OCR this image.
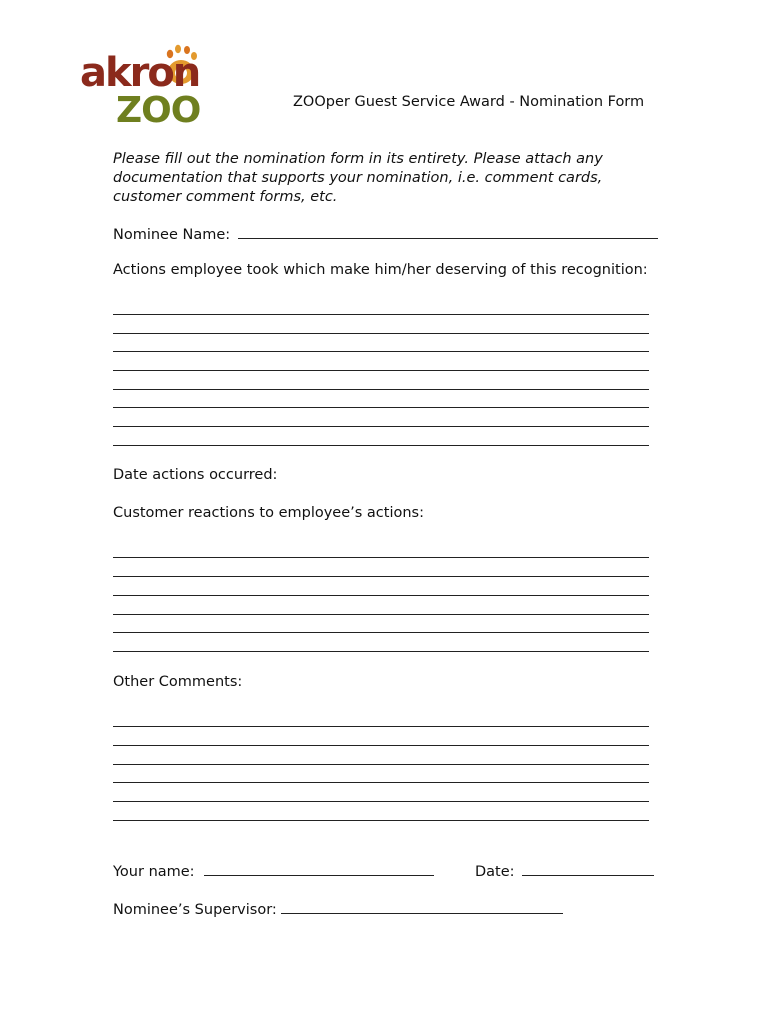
akron
ZOO	ZOOper Guest Service Award - Nomination Form
Please fill out the nomination form in its entirety. Please attach any documentation that supports your nomination, i.e. comment cards, customer comment forms, etc.
Nominee Name:
Actions employee took which make him/her deserving of this recognition:
Date actions occurred:
Customer reactions to employee’s actions:
Other Comments:
Your name:	Date:
Nominee’s Supervisor:
